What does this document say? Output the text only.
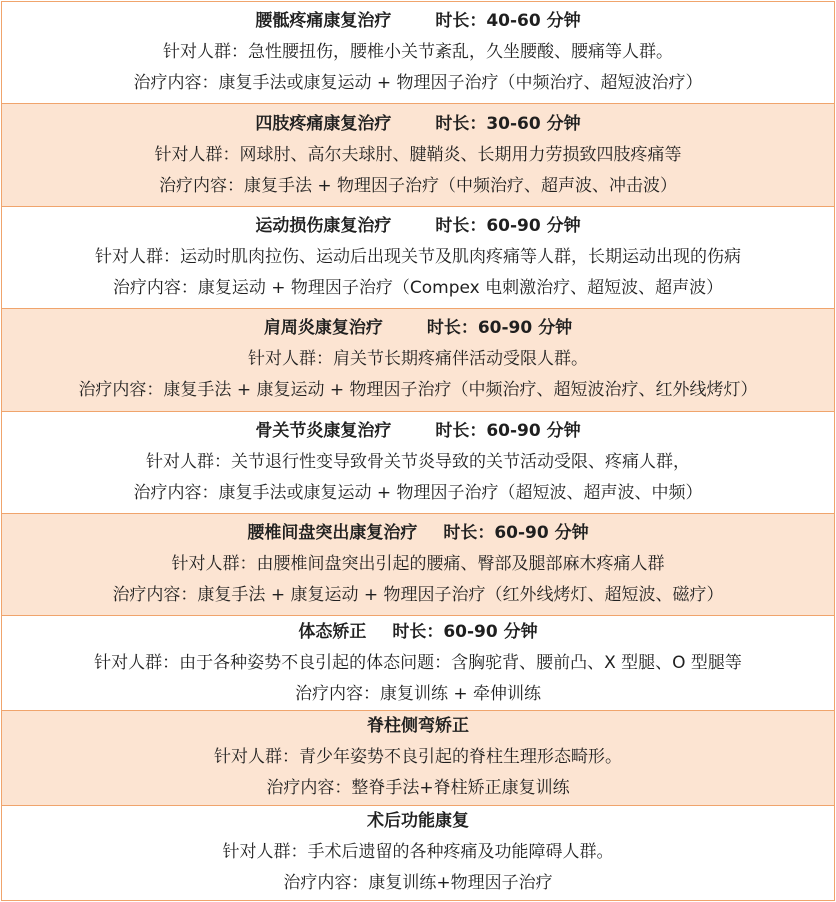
腰骶疼痛康复治疗	时长：40-60 分钟
针对人群：急性腰扭伤，腰椎小关节紊乱，久坐腰酸、腰痛等人群。
治疗内容：康复手法或康复运动 + 物理因子治疗（中频治疗、超短波治疗）
四肢疼痛康复治疗	时长：30-60 分钟
针对人群：网球肘、高尔夫球肘、腱鞘炎、长期用力劳损致四肢疼痛等
治疗内容：康复手法 + 物理因子治疗（中频治疗、超声波、冲击波）
运动损伤康复治疗	时长：60-90 分钟
针对人群：运动时肌肉拉伤、运动后出现关节及肌肉疼痛等人群，长期运动出现的伤病
治疗内容：康复运动 + 物理因子治疗（Compex 电刺激治疗、超短波、超声波）
肩周炎康复治疗	时长：60-90 分钟
针对人群：肩关节长期疼痛伴活动受限人群。
治疗内容：康复手法 + 康复运动 + 物理因子治疗（中频治疗、超短波治疗、红外线烤灯）
骨关节炎康复治疗	时长：60-90 分钟
针对人群：关节退行性变导致骨关节炎导致的关节活动受限、疼痛人群，
治疗内容：康复手法或康复运动 + 物理因子治疗（超短波、超声波、中频）
腰椎间盘突出康复治疗 时长：60-90 分钟
针对人群：由腰椎间盘突出引起的腰痛、臀部及腿部麻木疼痛人群
治疗内容：康复手法 + 康复运动 + 物理因子治疗（红外线烤灯、超短波、磁疗）
体态矫正 时长：60-90 分钟
针对人群：由于各种姿势不良引起的体态问题：含胸驼背、腰前凸、X 型腿、O 型腿等
治疗内容：康复训练 + 牵伸训练
脊柱侧弯矫正
针对人群：青少年姿势不良引起的脊柱生理形态畸形。
治疗内容：整脊手法+脊柱矫正康复训练
术后功能康复
针对人群：手术后遗留的各种疼痛及功能障碍人群。
治疗内容：康复训练+物理因子治疗
